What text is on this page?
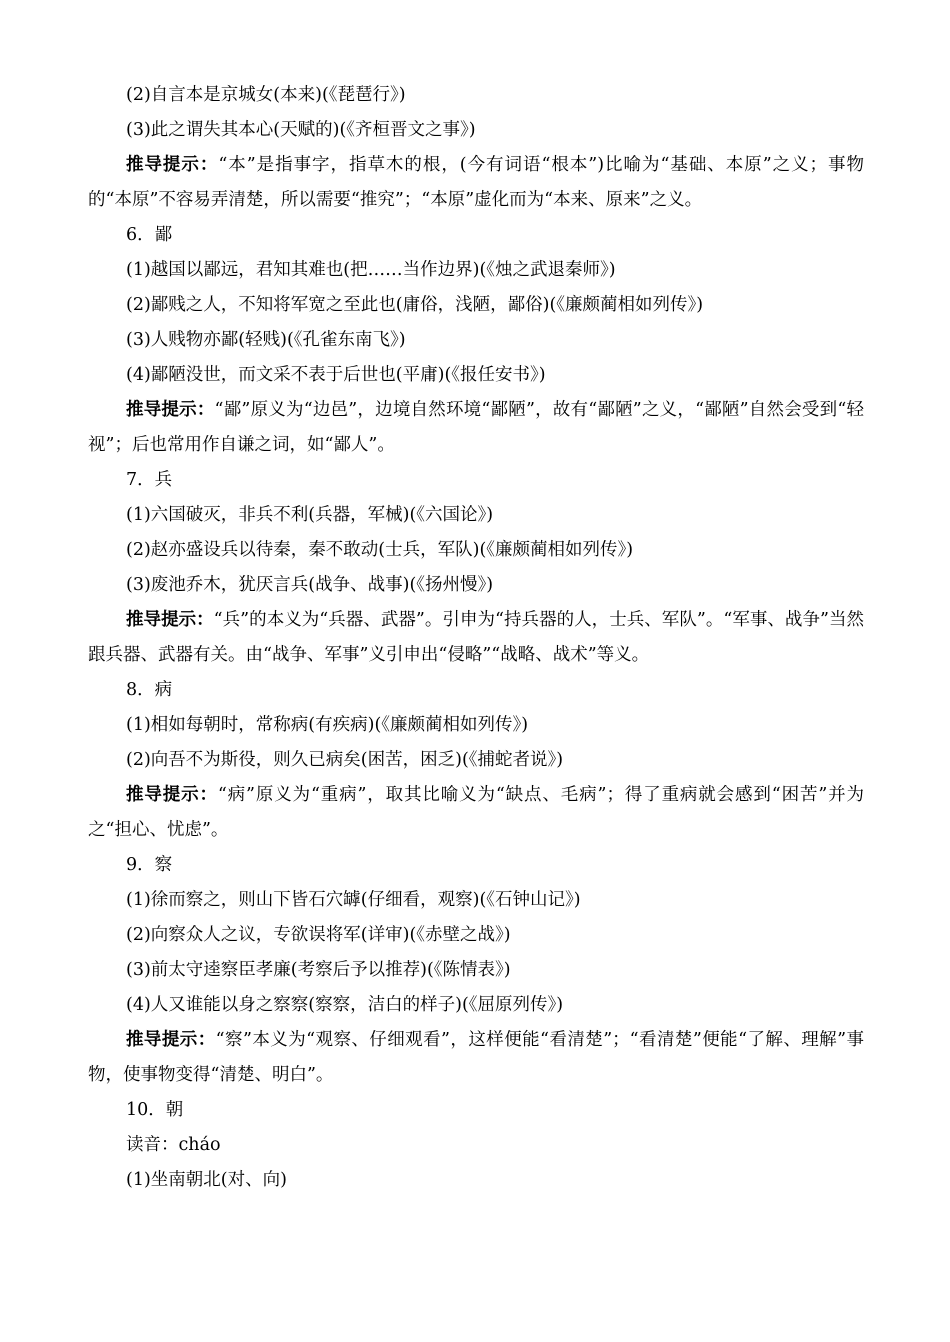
(2)自言本是京城女(本来)(《琵琶行》)

(3)此之谓失其本心(天赋的)(《齐桓晋文之事》)

推导提示：“本”是指事字，指草木的根，(今有词语“根本”)比喻为“基础、本原”之义；事物的“本原”不容易弄清楚，所以需要“推究”；“本原”虚化而为“本来、原来”之义。

6．鄙

(1)越国以鄙远，君知其难也(把……当作边界)(《烛之武退秦师》)

(2)鄙贱之人，不知将军宽之至此也(庸俗，浅陋，鄙俗)(《廉颇蔺相如列传》)

(3)人贱物亦鄙(轻贱)(《孔雀东南飞》)

(4)鄙陋没世，而文采不表于后世也(平庸)(《报任安书》)

推导提示：“鄙”原义为“边邑”，边境自然环境“鄙陋”，故有“鄙陋”之义，“鄙陋”自然会受到“轻视”；后也常用作自谦之词，如“鄙人”。

7．兵

(1)六国破灭，非兵不利(兵器，军械)(《六国论》)

(2)赵亦盛设兵以待秦，秦不敢动(士兵，军队)(《廉颇蔺相如列传》)

(3)废池乔木，犹厌言兵(战争、战事)(《扬州慢》)

推导提示：“兵”的本义为“兵器、武器”。引申为“持兵器的人，士兵、军队”。“军事、战争”当然跟兵器、武器有关。由“战争、军事”义引申出“侵略”“战略、战术”等义。

8．病

(1)相如每朝时，常称病(有疾病)(《廉颇蔺相如列传》)

(2)向吾不为斯役，则久已病矣(困苦，困乏)(《捕蛇者说》)

推导提示：“病”原义为“重病”，取其比喻义为“缺点、毛病”；得了重病就会感到“困苦”并为之“担心、忧虑”。

9．察

(1)徐而察之，则山下皆石穴罅(仔细看，观察)(《石钟山记》)

(2)向察众人之议，专欲误将军(详审)(《赤壁之战》)

(3)前太守逵察臣孝廉(考察后予以推荐)(《陈情表》)

(4)人又谁能以身之察察(察察，洁白的样子)(《屈原列传》)

推导提示：“察”本义为“观察、仔细观看”，这样便能“看清楚”；“看清楚”便能“了解、理解”事物，使事物变得“清楚、明白”。

10．朝

读音：cháo

(1)坐南朝北(对、向)
